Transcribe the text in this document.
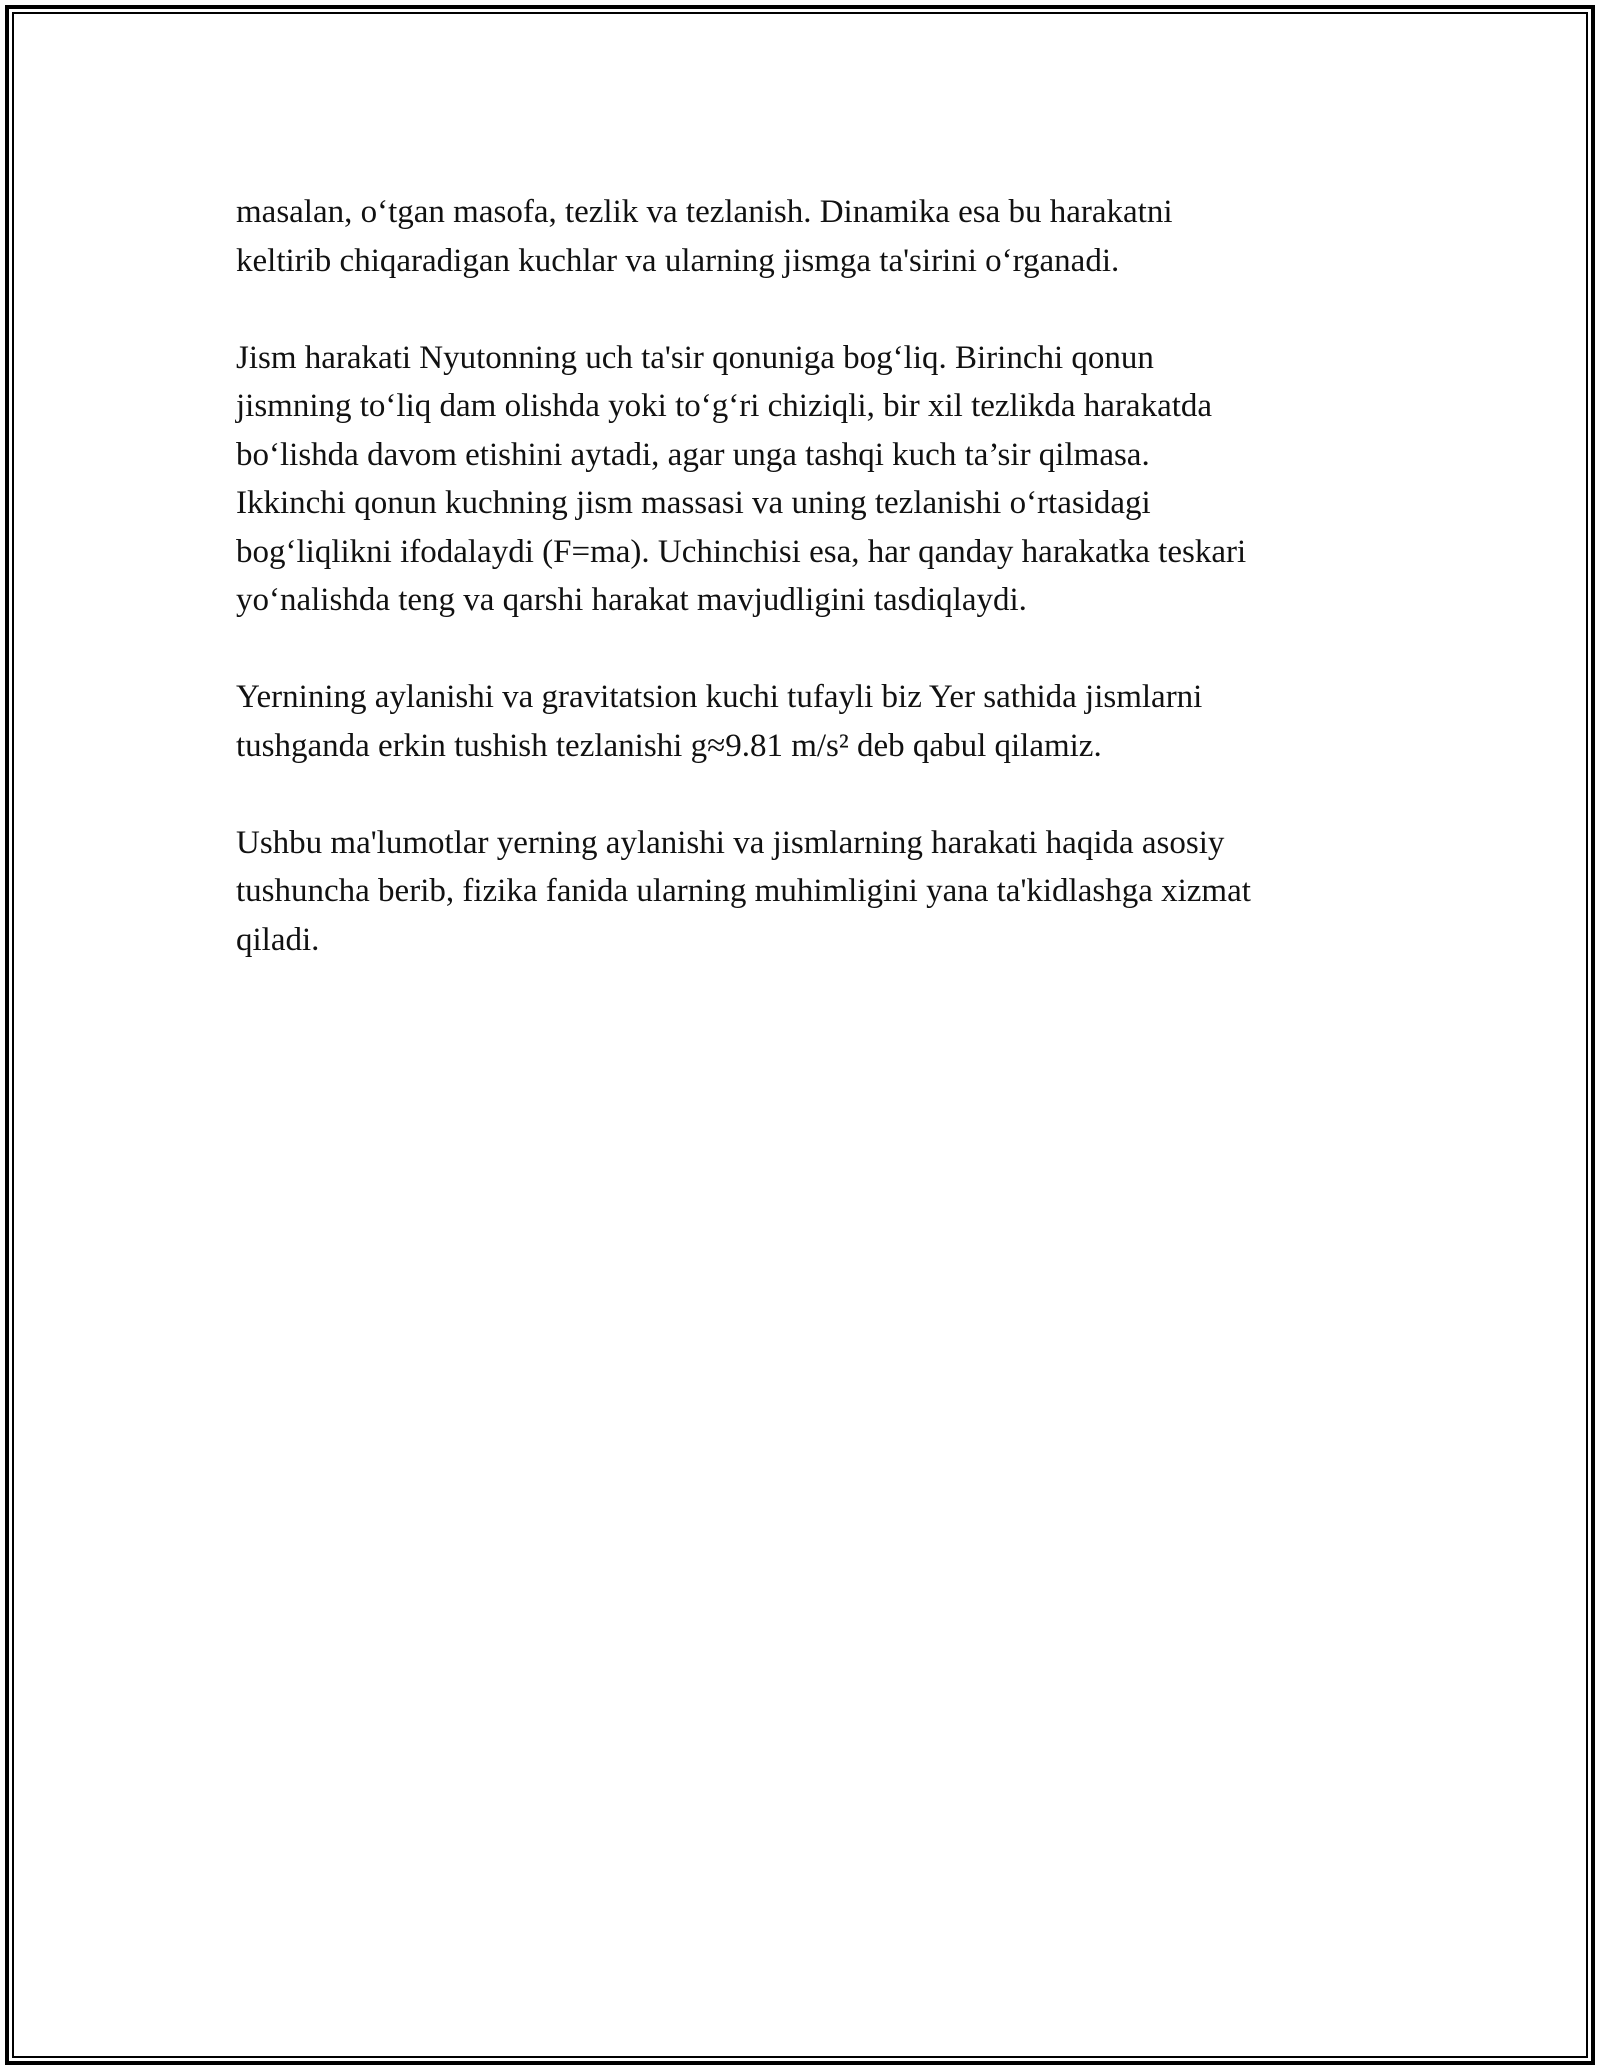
masalan, o‘tgan masofa, tezlik va tezlanish. Dinamika esa bu harakatni
keltirib chiqaradigan kuchlar va ularning jismga ta'sirini o‘rganadi.

Jism harakati Nyutonning uch ta'sir qonuniga bog‘liq. Birinchi qonun
jismning to‘liq dam olishda yoki to‘g‘ri chiziqli, bir xil tezlikda harakatda
bo‘lishda davom etishini aytadi, agar unga tashqi kuch ta’sir qilmasa.
Ikkinchi qonun kuchning jism massasi va uning tezlanishi o‘rtasidagi
bog‘liqlikni ifodalaydi (F=ma). Uchinchisi esa, har qanday harakatka teskari
yo‘nalishda teng va qarshi harakat mavjudligini tasdiqlaydi.

Yernining aylanishi va gravitatsion kuchi tufayli biz Yer sathida jismlarni
tushganda erkin tushish tezlanishi g≈9.81 m/s² deb qabul qilamiz.

Ushbu ma'lumotlar yerning aylanishi va jismlarning harakati haqida asosiy
tushuncha berib, fizika fanida ularning muhimligini yana ta'kidlashga xizmat
qiladi.
